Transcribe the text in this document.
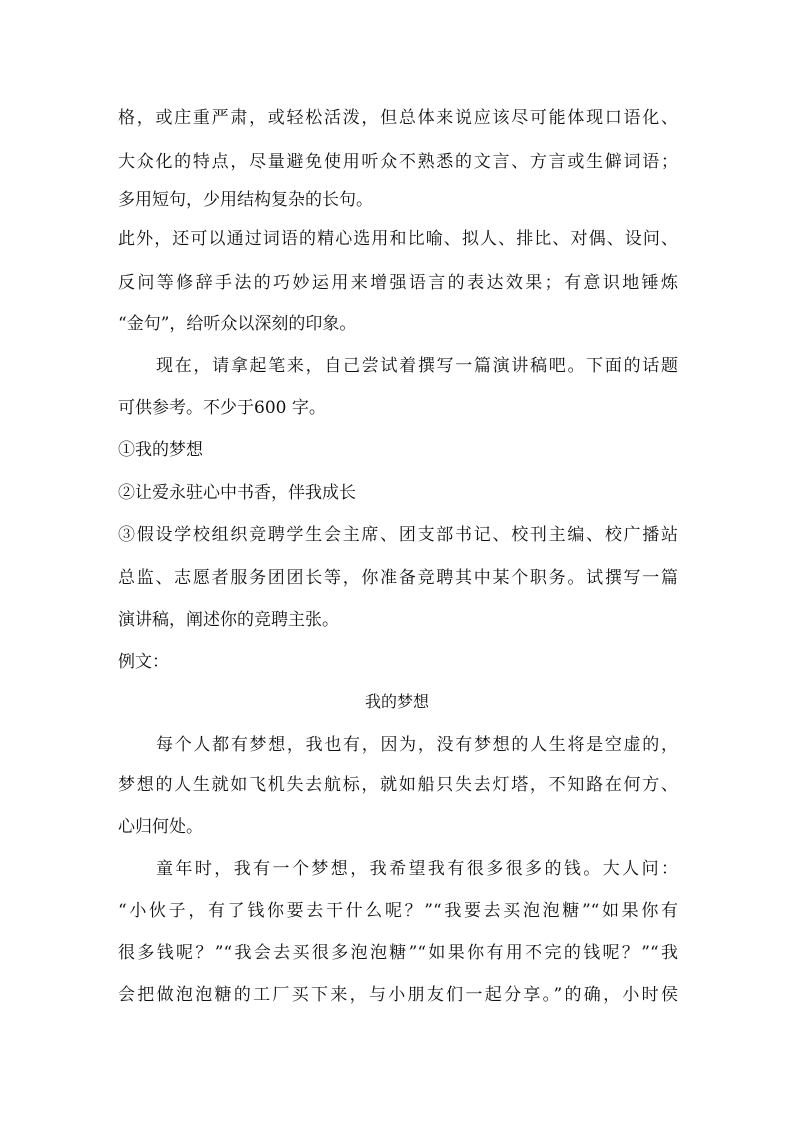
格，或庄重严肃，或轻松活泼，但总体来说应该尽可能体现口语化、
大众化的特点，尽量避免使用听众不熟悉的文言、方言或生僻词语；
多用短句，少用结构复杂的长句。
此外，还可以通过词语的精心选用和比喻、拟人、排比、对偶、设问、
反问等修辞手法的巧妙运用来增强语言的表达效果；有意识地锤炼
“金句”，给听众以深刻的印象。
现在，请拿起笔来，自己尝试着撰写一篇演讲稿吧。下面的话题
可供参考。不少于600 字。
①我的梦想
②让爱永驻心中书香，伴我成长
③假设学校组织竞聘学生会主席、团支部书记、校刊主编、校广播站
总监、志愿者服务团团长等，你准备竞聘其中某个职务。试撰写一篇
演讲稿，阐述你的竞聘主张。
例文：
我的梦想
每个人都有梦想，我也有，因为，没有梦想的人生将是空虚的，
梦想的人生就如飞机失去航标，就如船只失去灯塔，不知路在何方、
心归何处。
童年时，我有一个梦想，我希望我有很多很多的钱。大人问：
“小伙子，有了钱你要去干什么呢？”“我要去买泡泡糖”“如果你有
很多钱呢？”“我会去买很多泡泡糖”“如果你有用不完的钱呢？”“我
会把做泡泡糖的工厂买下来，与小朋友们一起分享。”的确，小时侯
